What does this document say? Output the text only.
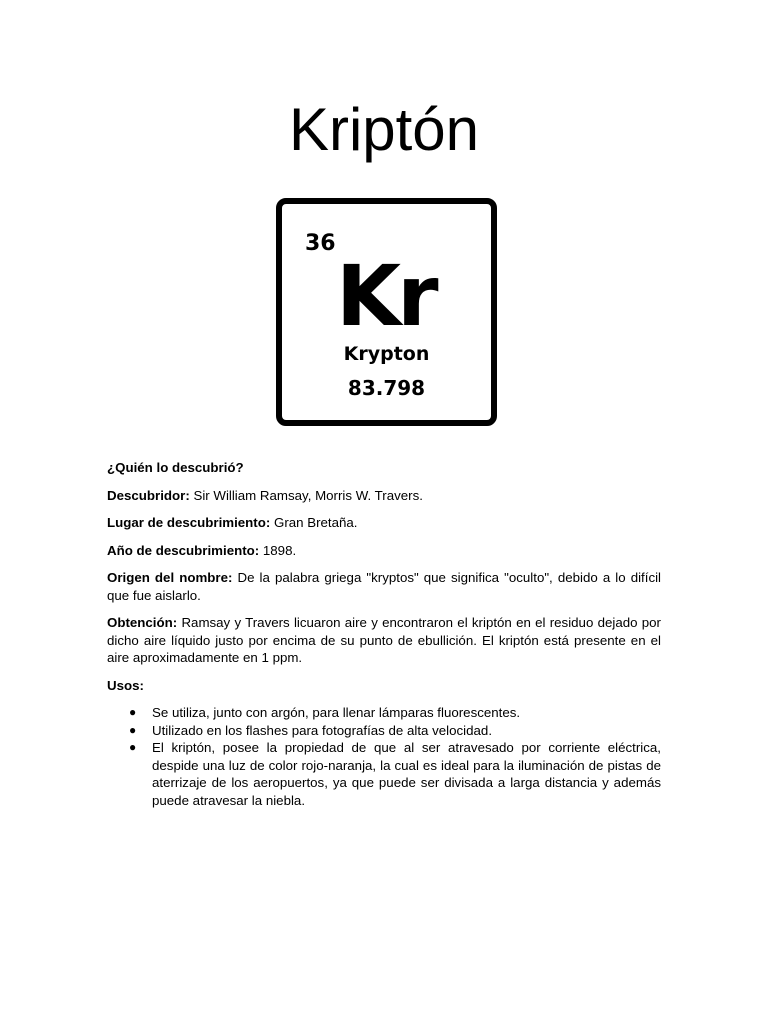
Kriptón
36
Kr
Krypton
83.798

¿Quién lo descubrió?

Descubridor: Sir William Ramsay, Morris W. Travers.

Lugar de descubrimiento: Gran Bretaña.

Año de descubrimiento: 1898.

Origen del nombre: De la palabra griega "kryptos" que significa "oculto", debido a lo difícil que fue aislarlo.

Obtención: Ramsay y Travers licuaron aire y encontraron el kriptón en el residuo dejado por dicho aire líquido justo por encima de su punto de ebullición. El kriptón está presente en el aire aproximadamente en 1 ppm.

Usos:

● Se utiliza, junto con argón, para llenar lámparas fluorescentes.
● Utilizado en los flashes para fotografías de alta velocidad.
● El kriptón, posee la propiedad de que al ser atravesado por corriente eléctrica, despide una luz de color rojo-naranja, la cual es ideal para la iluminación de pistas de aterrizaje de los aeropuertos, ya que puede ser divisada a larga distancia y además puede atravesar la niebla.
